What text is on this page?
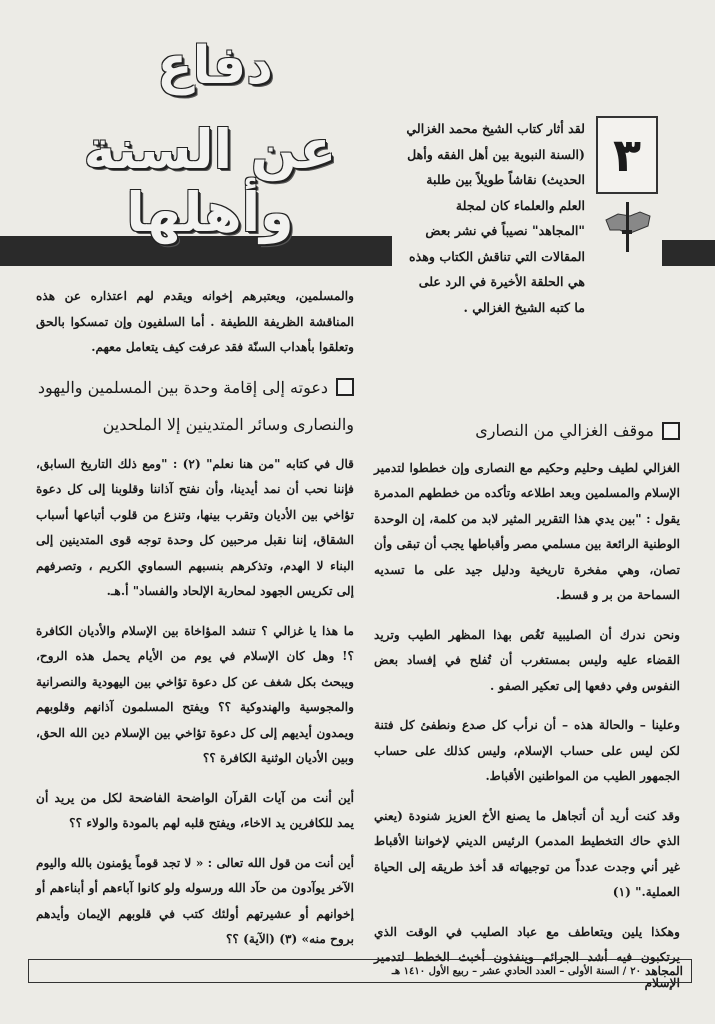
دفاع
عن السنة وأهلها
٣
لقد أثار كتاب الشيخ محمد الغزالي (السنة النبوية بين أهل الفقه وأهل الحديث) نقاشاً طويلاً بين طلبة العلم والعلماء كان لمجلة "المجاهد" نصيباً في نشر بعض المقالات التي تناقش الكتاب وهذه هي الحلقة الأخيرة في الرد على ما كتبه الشيخ الغزالي .

والمسلمين، ويعتبرهم إخوانه ويقدم لهم اعتذاره عن هذه المناقشة الظريفة اللطيفة . أما السلفيون وإن تمسكوا بالحق وتعلقوا بأهداب السنّة فقد عرفت كيف يتعامل معهم.

دعوته إلى إقامة وحدة بين المسلمين واليهود
والنصارى وسائر المتدينين إلا الملحدين

قال في كتابه "من هنا نعلم" (٢) : "ومع ذلك التاريخ السابق، فإننا نحب أن نمد أيدينا، وأن نفتح آذاننا وقلوبنا إلى كل دعوة تؤاخي بين الأديان وتقرب بينها، وتنزع من قلوب أتباعها أسباب الشقاق، إننا نقبل مرحبين كل وحدة توجه قوى المتدينين إلى البناء لا الهدم، وتذكرهم بنسبهم السماوي الكريم ، وتصرفهم إلى تكريس الجهود لمحاربة الإلحاد والفساد" أ.هـ.

ما هذا يا غزالي ؟ تنشد المؤاخاة بين الإسلام والأديان الكافرة ؟! وهل كان الإسلام في يوم من الأيام يحمل هذه الروح، ويبحث بكل شغف عن كل دعوة تؤاخي بين اليهودية والنصرانية والمجوسية والهندوكية ؟؟ ويفتح المسلمون آذانهم وقلوبهم ويمدون أيديهم إلى كل دعوة تؤاخي بين الإسلام دين الله الحق، وبين الأديان الوثنية الكافرة ؟؟

أين أنت من آيات القرآن الواضحة الفاضحة لكل من يريد أن يمد للكافرين يد الاخاء، ويفتح قلبه لهم بالمودة والولاء ؟؟

أين أنت من قول الله تعالى : « لا تجد قوماً يؤمنون بالله واليوم الآخر يوآدون من حآد الله ورسوله ولو كانوا آباءهم أو أبناءهم أو إخوانهم أو عشيرتهم أولئك كتب في قلوبهم الإيمان وأيدهم بروح منه» (٣) (الآية) ؟؟

موقف الغزالي من النصارى

الغزالي لطيف وحليم وحكيم مع النصارى وإن خططوا لتدمير الإسلام والمسلمين وبعد اطلاعه وتأكده من خططهم المدمرة يقول : "بين يدي هذا التقرير المثير لابد من كلمة، إن الوحدة الوطنية الرائعة بين مسلمي مصر وأقباطها يجب أن تبقى وأن تصان، وهي مفخرة تاريخية ودليل جيد على ما تسديه السماحة من بر و قسط.

ونحن ندرك أن الصليبية تَغُص بهذا المظهر الطيب وتريد القضاء عليه وليس بمستغرب أن تُفلح في إفساد بعض النفوس وفي دفعها إلى تعكير الصفو .

وعلينا – والحالة هذه – أن نرأب كل صدع ونطفئ كل فتنة لكن ليس على حساب الإسلام، وليس كذلك على حساب الجمهور الطيب من المواطنين الأقباط.

وقد كنت أريد أن أتجاهل ما يصنع الأخ العزيز شنودة (يعني الذي حاك التخطيط المدمر) الرئيس الديني لإخواننا الأقباط غير أني وجدت عدداً من توجيهاته قد أخذ طريقه إلى الحياة العملية." (١)

وهكذا يلين ويتعاطف مع عباد الصليب في الوقت الذي يرتكبون فيه أشد الجرائم وينفذون أخبث الخطط لتدمير الإسلام

المجاهد
٢٠
/ السنة الأولى – العدد الحادي عشر – ربيع الأول ١٤١٠ هـ
